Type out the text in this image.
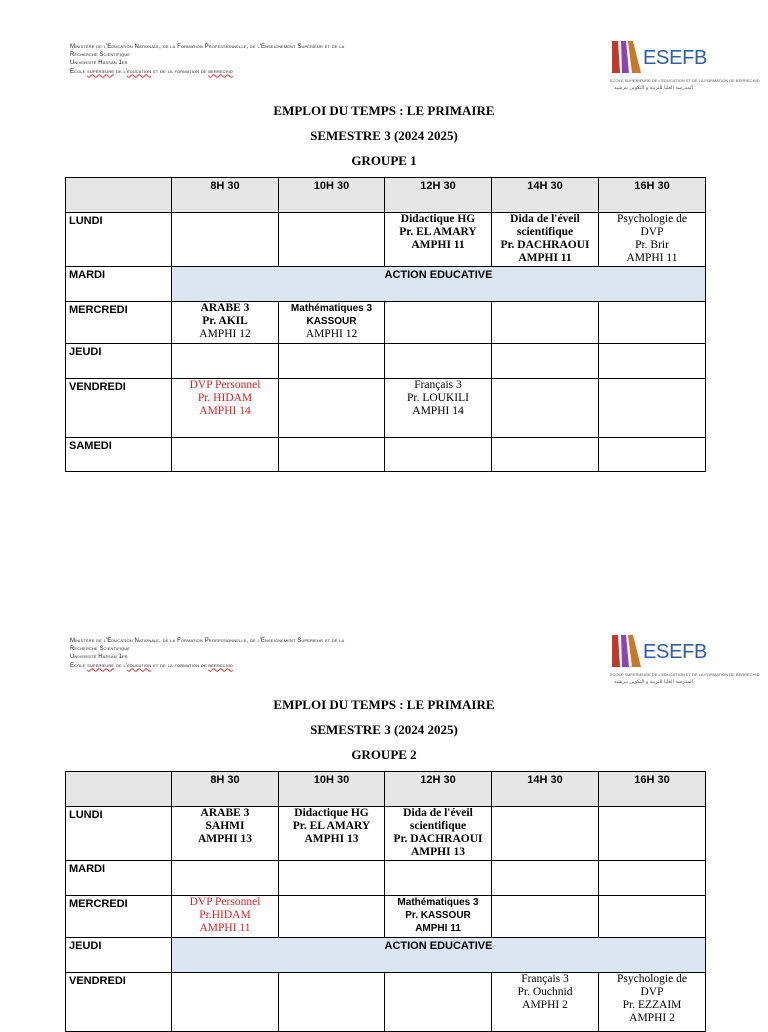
Ministère de l'Education Nationale, de la Formation Professionnelle, de l'Enseignement Supérieur et de la
Recherche Scientifique
Université Hassan 1er
Ecole supérieure de l'éducation et de la formation de berrechid
ESEFB
ECOLE SUPERIEURE DE L'EDUCATION ET DE LA FORMATION DE BERRECHID
المدرسة العليا للتربية و التكوين ببرشيد
EMPLOI DU TEMPS : LE PRIMAIRE
SEMESTRE 3 (2024 2025)
GROUPE 1
	8H 30	10H 30	12H 30	14H 30	16H 30
LUNDI			Didactique HG
Pr. EL AMARY
AMPHI 11	Dida de l'éveil
scientifique
Pr. DACHRAOUI
AMPHI 11	Psychologie de
DVP
Pr. Brir
AMPHI 11

MARDI	ACTION EDUCATIVE				
MERCREDI	ARABE 3
Pr. AKIL
AMPHI 12	Mathématiques 3
KASSOUR
AMPHI 12			

JEUDI					
VENDREDI	DVP Personnel
Pr. HIDAM
AMPHI 14		Français 3
Pr. LOUKILI
AMPHI 14		

SAMEDI					
Ministère de l'Education Nationale, de la Formation Professionnelle, de l'Enseignement Supérieur et de la
Recherche Scientifique
Université Hassan 1er
Ecole supérieure de l'éducation et de la formation de berrechid
ESEFB
ECOLE SUPERIEURE DE L'EDUCATION ET DE LA FORMATION DE BERRECHID
المدرسة العليا للتربية و التكوين ببرشيد
EMPLOI DU TEMPS : LE PRIMAIRE
SEMESTRE 3 (2024 2025)
GROUPE 2
	8H 30	10H 30	12H 30	14H 30	16H 30
LUNDI	ARABE 3
SAHMI
AMPHI 13	Didactique HG
Pr. EL AMARY
AMPHI 13	Dida de l'éveil
scientifique
Pr. DACHRAOUI
AMPHI 13		

MARDI					
MERCREDI	DVP Personnel
Pr.HIDAM
AMPHI 11		Mathématiques 3
Pr. KASSOUR
AMPHI 11		

JEUDI	ACTION EDUCATIVE				
VENDREDI				Français 3
Pr. Ouchnid
AMPHI 2	Psychologie de
DVP
Pr. EZZAIM
AMPHI 2
